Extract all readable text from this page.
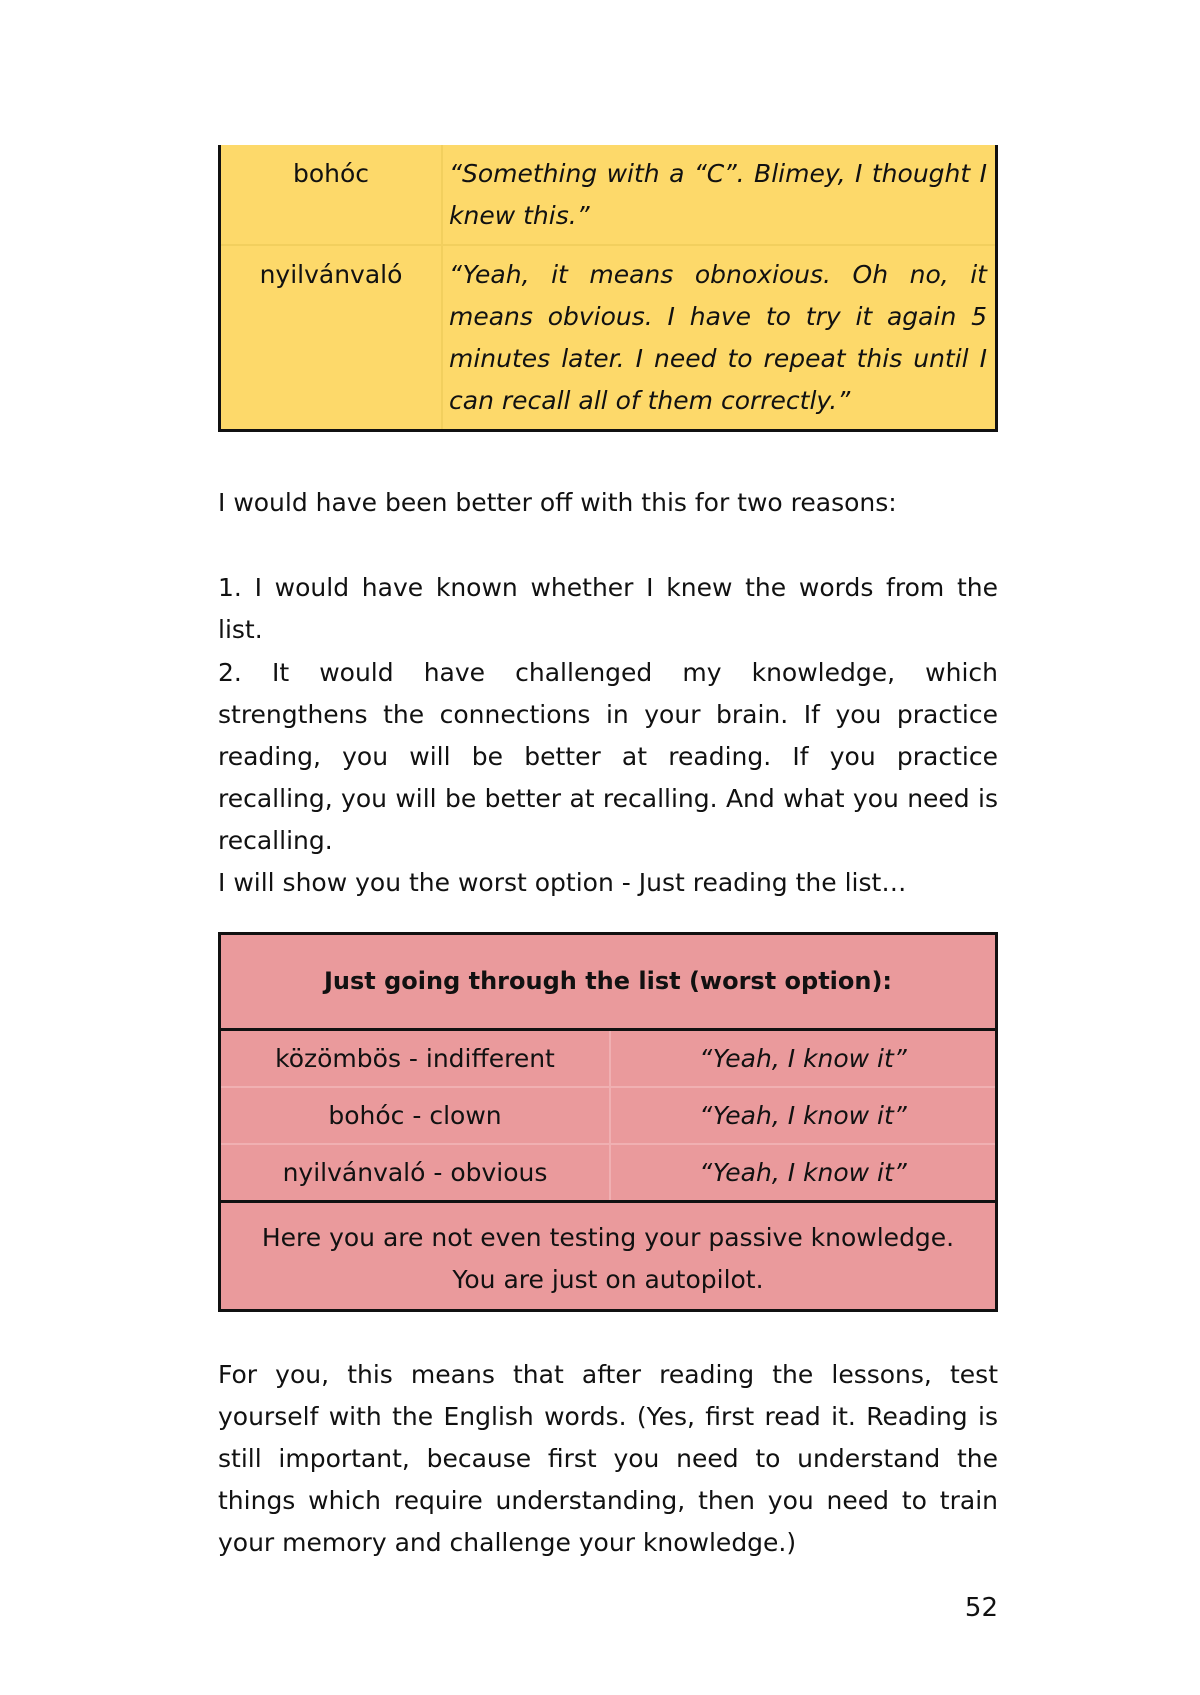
bohóc	“Something with a “C”. Blimey, I thought I knew this.”
nyilvánvaló	“Yeah, it means obnoxious. Oh no, it means obvious. I have to try it again 5 minutes later. I need to repeat this until I can recall all of them correctly.”
I would have been better off with this for two reasons:
1. I would have known whether I knew the words from the list.
2. It would have challenged my knowledge, which strengthens the connections in your brain. If you practice reading, you will be better at reading. If you practice recalling, you will be better at recalling. And what you need is recalling.
I will show you the worst option - Just reading the list…
Just going through the list (worst option):
közömbös - indifferent	“Yeah, I know it”
bohóc - clown	“Yeah, I know it”
nyilvánvaló - obvious	“Yeah, I know it”
Here you are not even testing your passive knowledge. You are just on autopilot.
For you, this means that after reading the lessons, test yourself with the English words. (Yes, first read it. Reading is still important, because first you need to understand the things which require understanding, then you need to train your memory and challenge your knowledge.)
52
